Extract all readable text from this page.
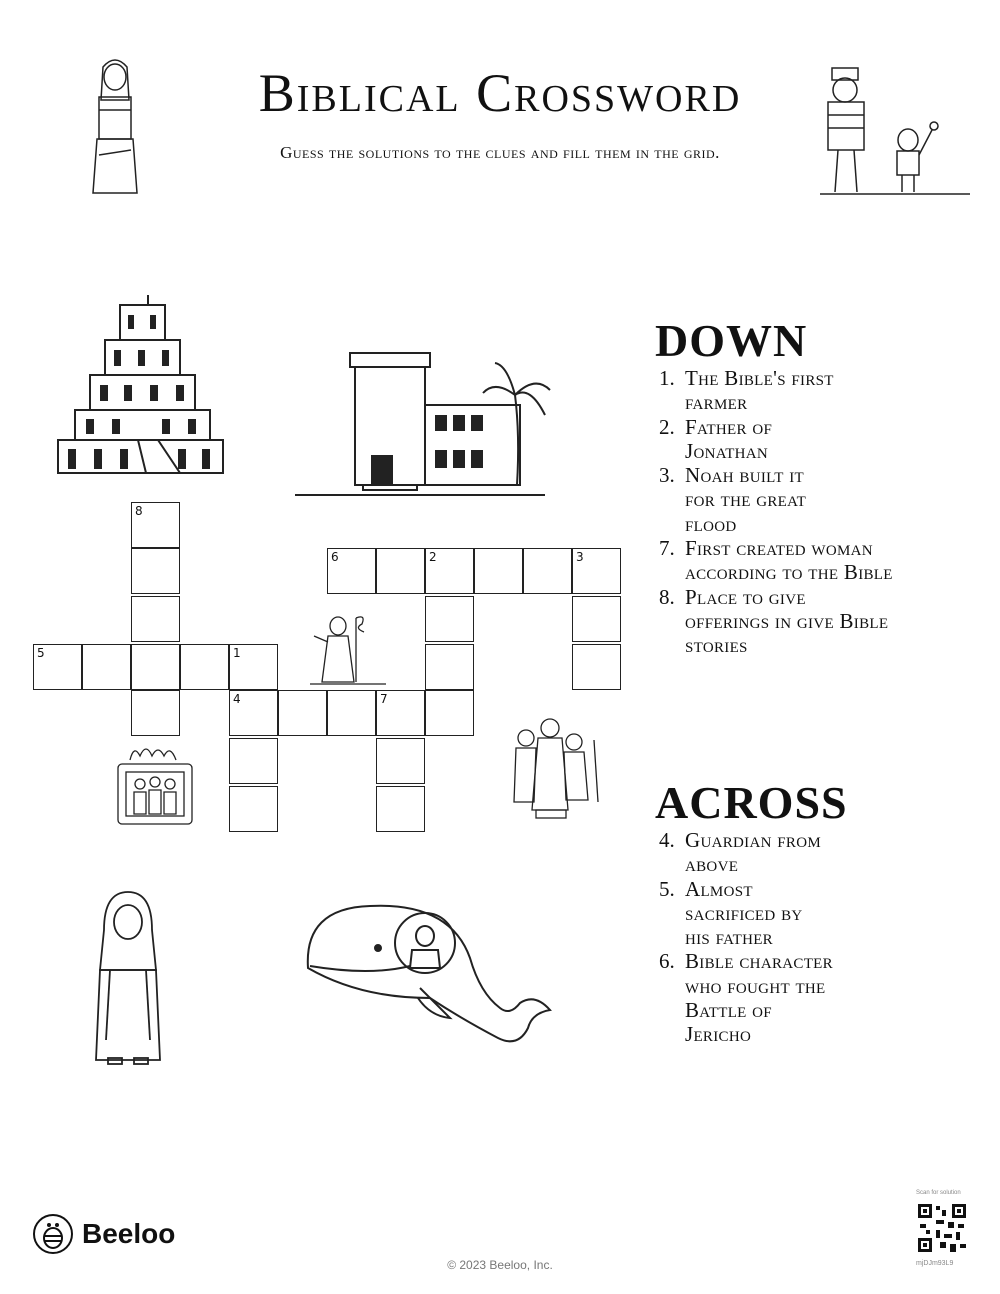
Biblical Crossword
Guess the solutions to the clues and fill them in the grid.
8
5	1
4	7
6	2	3
DOWN
1. The Bible's first farmer
2. Father of Jonathan
3. Noah built it for the great flood
7. First created woman according to the Bible
8. Place to give offerings in give Bible stories
ACROSS
4. Guardian from above
5. Almost sacrificed by his father
6. Bible character who fought the Battle of Jericho
Beeloo
© 2023 Beeloo, Inc.
Scan for solution
mjDJm93L9
